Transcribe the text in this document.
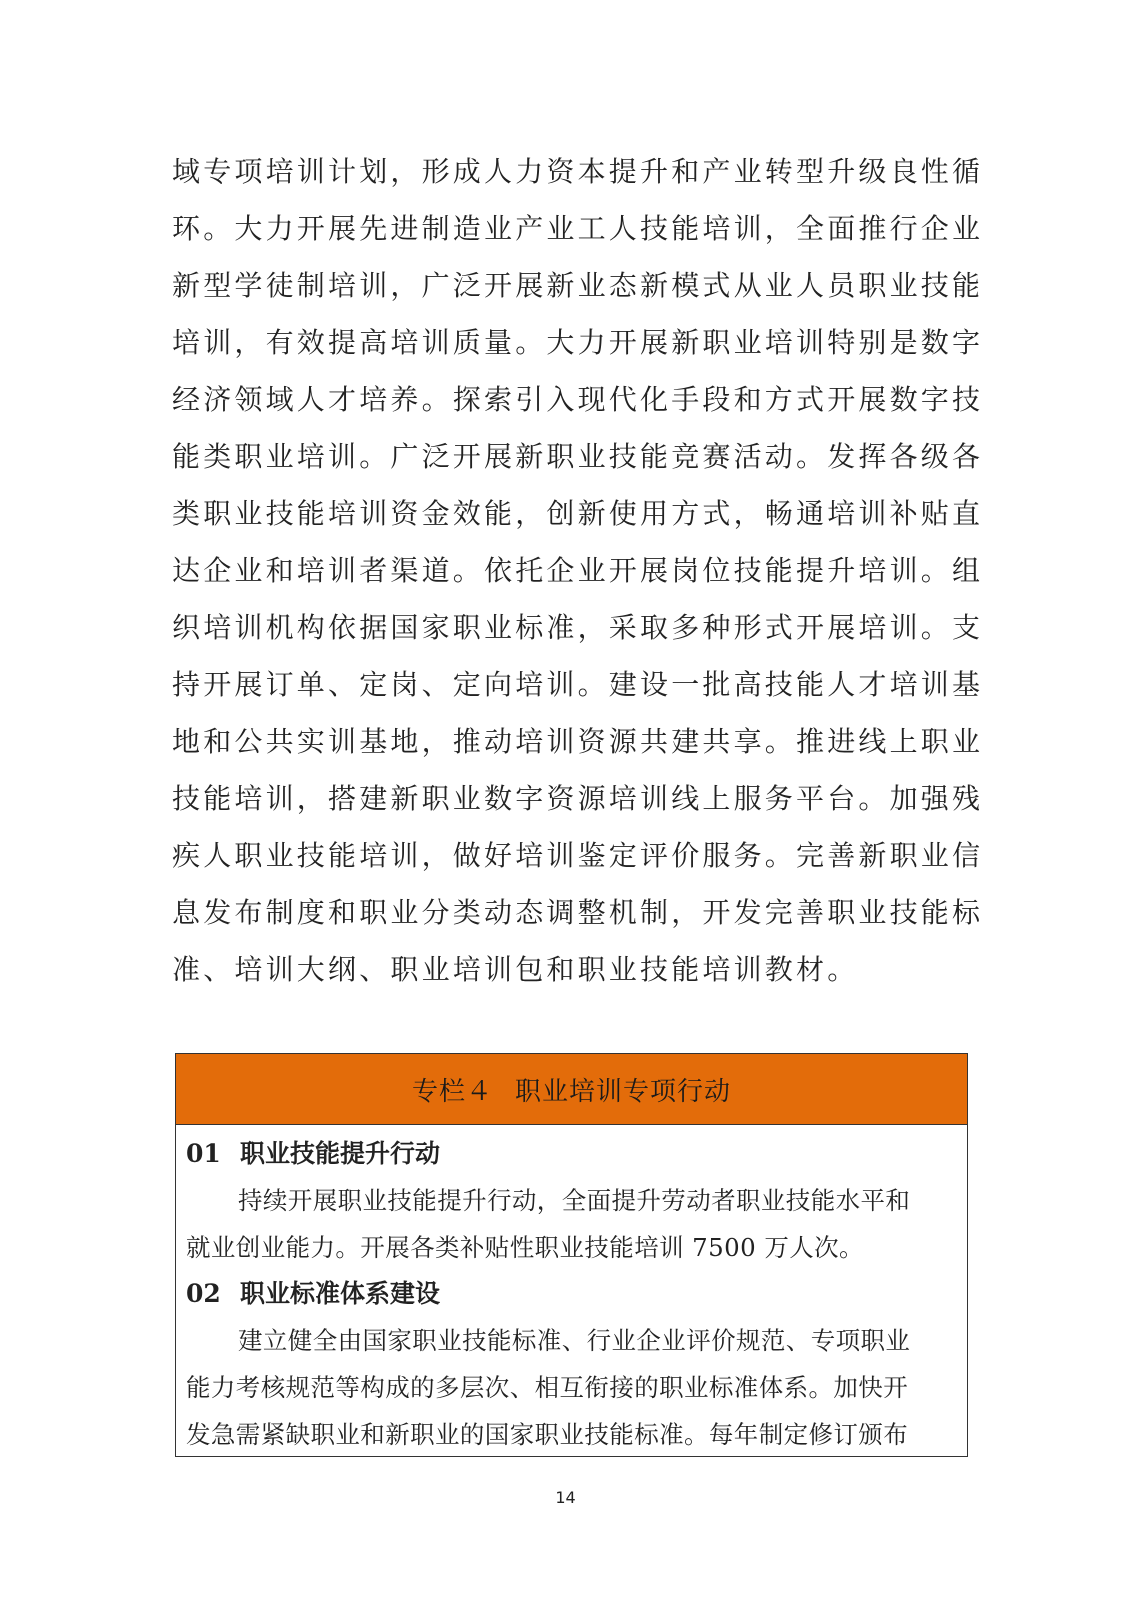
域专项培训计划，形成人力资本提升和产业转型升级良性循
环。大力开展先进制造业产业工人技能培训，全面推行企业
新型学徒制培训，广泛开展新业态新模式从业人员职业技能
培训，有效提高培训质量。大力开展新职业培训特别是数字
经济领域人才培养。探索引入现代化手段和方式开展数字技
能类职业培训。广泛开展新职业技能竞赛活动。发挥各级各
类职业技能培训资金效能，创新使用方式，畅通培训补贴直
达企业和培训者渠道。依托企业开展岗位技能提升培训。组
织培训机构依据国家职业标准，采取多种形式开展培训。支
持开展订单、定岗、定向培训。建设一批高技能人才培训基
地和公共实训基地，推动培训资源共建共享。推进线上职业
技能培训，搭建新职业数字资源培训线上服务平台。加强残
疾人职业技能培训，做好培训鉴定评价服务。完善新职业信
息发布制度和职业分类动态调整机制，开发完善职业技能标
准、培训大纲、职业培训包和职业技能培训教材。
专栏４ 职业培训专项行动
01 职业技能提升行动
持续开展职业技能提升行动，全面提升劳动者职业技能水平和
就业创业能力。开展各类补贴性职业技能培训 7500 万人次。
02 职业标准体系建设
建立健全由国家职业技能标准、行业企业评价规范、专项职业
能力考核规范等构成的多层次、相互衔接的职业标准体系。加快开
发急需紧缺职业和新职业的国家职业技能标准。每年制定修订颁布
14
